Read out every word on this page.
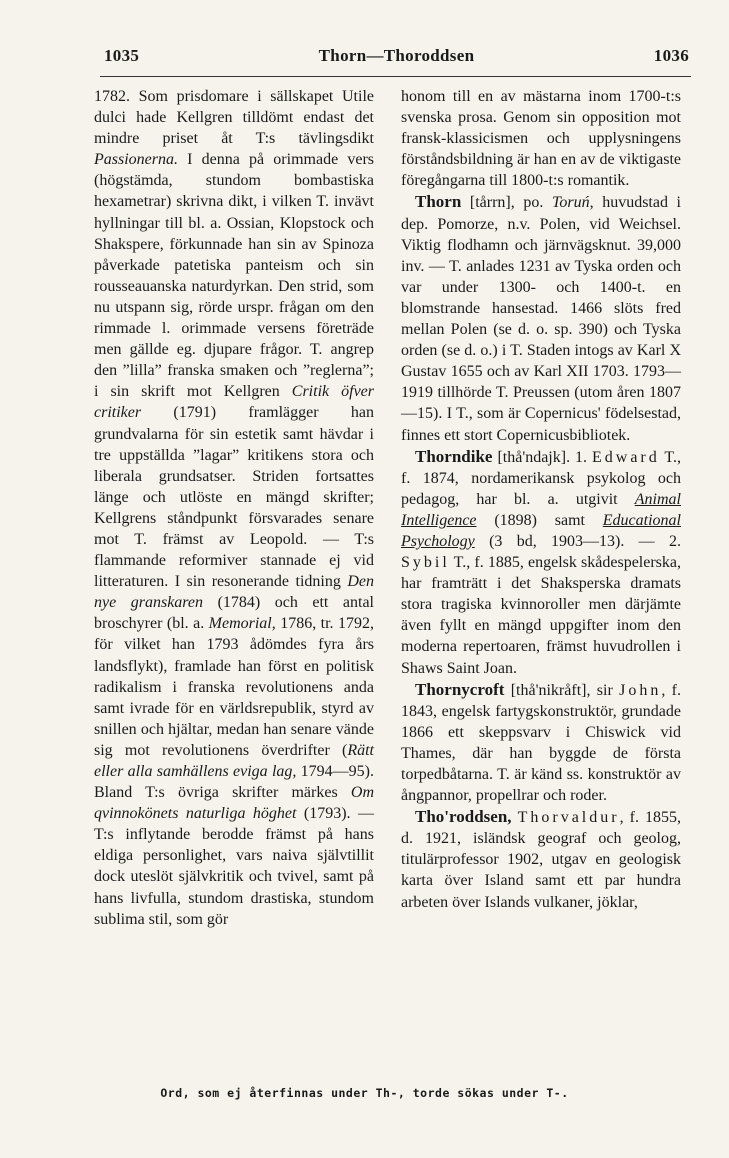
1035	Thorn—Thoroddsen	1036

1782. Som prisdomare i sällskapet Utile dulci hade Kellgren tilldömt endast det mindre priset åt T:s tävlingsdikt Passionerna. I denna på orimmade vers (högstämda, stundom bombastiska hexametrar) skrivna dikt, i vilken T. invävt hyllningar till bl. a. Ossian, Klopstock och Shakspere, förkunnade han sin av Spinoza påverkade patetiska panteism och sin rousseauanska naturdyrkan. Den strid, som nu utspann sig, rörde urspr. frågan om den rimmade l. orimmade versens företräde men gällde eg. djupare frågor. T. angrep den ”lilla” franska smaken och ”reglerna”; i sin skrift mot Kellgren Critik öfver critiker (1791) framlägger han grundvalarna för sin estetik samt hävdar i tre uppställda ”lagar” kritikens stora och liberala grundsatser. Striden fortsattes länge och utlöste en mängd skrifter; Kellgrens ståndpunkt försvarades senare mot T. främst av Leopold. — T:s flammande reformiver stannade ej vid litteraturen. I sin resonerande tidning Den nye granskaren (1784) och ett antal broschyrer (bl. a. Memorial, 1786, tr. 1792, för vilket han 1793 ådömdes fyra års landsflykt), framlade han först en politisk radikalism i franska revolutionens anda samt ivrade för en världsrepublik, styrd av snillen och hjältar, medan han senare vände sig mot revolutionens överdrifter (Rätt eller alla samhällens eviga lag, 1794—95). Bland T:s övriga skrifter märkes Om qvinnokönets naturliga höghet (1793). — T:s inflytande berodde främst på hans eldiga personlighet, vars naiva självtillit dock uteslöt självkritik och tvivel, samt på hans livfulla, stundom drastiska, stundom sublima stil, som gör

honom till en av mästarna inom 1700-t:s svenska prosa. Genom sin opposition mot fransk-klassicismen och upplysningens förståndsbildning är han en av de viktigaste föregångarna till 1800-t:s romantik.

Thorn [tårrn], po. Toruń, huvudstad i dep. Pomorze, n.v. Polen, vid Weichsel. Viktig flodhamn och järnvägsknut. 39,000 inv. — T. anlades 1231 av Tyska orden och var under 1300- och 1400-t. en blomstrande hansestad. 1466 slöts fred mellan Polen (se d. o. sp. 390) och Tyska orden (se d. o.) i T. Staden intogs av Karl X Gustav 1655 och av Karl XII 1703. 1793—1919 tillhörde T. Preussen (utom åren 1807—15). I T., som är Copernicus' födelsestad, finnes ett stort Copernicusbibliotek.

Thorndike [thå'ndajk]. 1. Edward T., f. 1874, nordamerikansk psykolog och pedagog, har bl. a. utgivit Animal Intelligence (1898) samt Educational Psychology (3 bd, 1903—13). — 2. Sybil T., f. 1885, engelsk skådespelerska, har framträtt i det Shaksperska dramats stora tragiska kvinnoroller men därjämte även fyllt en mängd uppgifter inom den moderna repertoaren, främst huvudrollen i Shaws Saint Joan.

Thornycroft [thå'nikråft], sir John, f. 1843, engelsk fartygskonstruktör, grundade 1866 ett skeppsvarv i Chiswick vid Thames, där han byggde de första torpedbåtarna. T. är känd ss. konstruktör av ångpannor, propellrar och roder.

Tho'roddsen, Thorvaldur, f. 1855, d. 1921, isländsk geograf och geolog, titulärprofessor 1902, utgav en geologisk karta över Island samt ett par hundra arbeten över Islands vulkaner, jöklar,

Ord, som ej återfinnas under Th-, torde sökas under T-.
